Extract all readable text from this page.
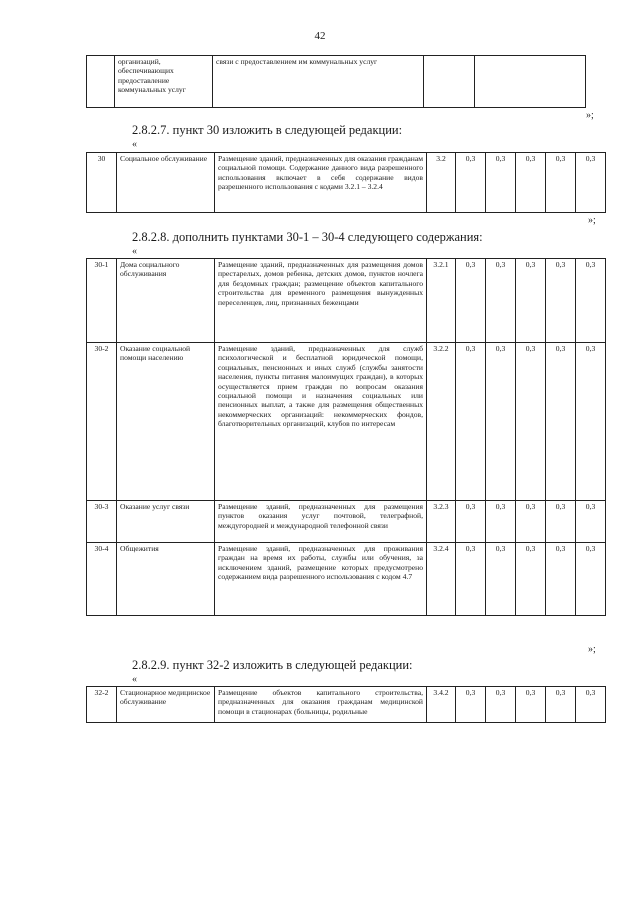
42
	организаций, обеспечивающих предоставление коммунальных услуг	связи с предоставлением им коммунальных услуг		
»;
2.8.2.7. пункт 30 изложить в следующей редакции:
«
30	Социальное обслуживание	Размещение зданий, предназначенных для оказания гражданам социальной помощи. Содержание данного вида разрешенного использования включает в себя содержание видов разрешенного использования с кодами 3.2.1 – 3.2.4	3.2	0,3	0,3	0,3	0,3	0,3
»;
2.8.2.8. дополнить пунктами 30-1 – 30-4 следующего содержания:
«
30-1	Дома социального обслуживания	Размещение зданий, предназначенных для размещения домов престарелых, домов ребенка, детских домов, пунктов ночлега для бездомных граждан; размещение объектов капитального строительства для временного размещения вынужденных переселенцев, лиц, признанных беженцами	3.2.1	0,3	0,3	0,3	0,3	0,3
30-2	Оказание социальной помощи населению	Размещение зданий, предназначенных для служб психологической и бесплатной юридической помощи, социальных, пенсионных и иных служб (службы занятости населения, пункты питания малоимущих граждан), в которых осуществляется прием граждан по вопросам оказания социальной помощи и назначения социальных или пенсионных выплат, а также для размещения общественных некоммерческих организаций: некоммерческих фондов, благотворительных организаций, клубов по интересам	3.2.2	0,3	0,3	0,3	0,3	0,3
30-3	Оказание услуг связи	Размещение зданий, предназначенных для размещения пунктов оказания услуг почтовой, телеграфной, междугородней и международной телефонной связи	3.2.3	0,3	0,3	0,3	0,3	0,3
30-4	Общежития	Размещение зданий, предназначенных для проживания граждан на время их работы, службы или обучения, за исключением зданий, размещение которых предусмотрено содержанием вида разрешенного использования с кодом 4.7	3.2.4	0,3	0,3	0,3	0,3	0,3
»;
2.8.2.9. пункт 32-2 изложить в следующей редакции:
«
32-2	Стационарное медицинское обслуживание	Размещение объектов капитального строительства, предназначенных для оказания гражданам медицинской помощи в стационарах (больницы, родильные	3.4.2	0,3	0,3	0,3	0,3	0,3
